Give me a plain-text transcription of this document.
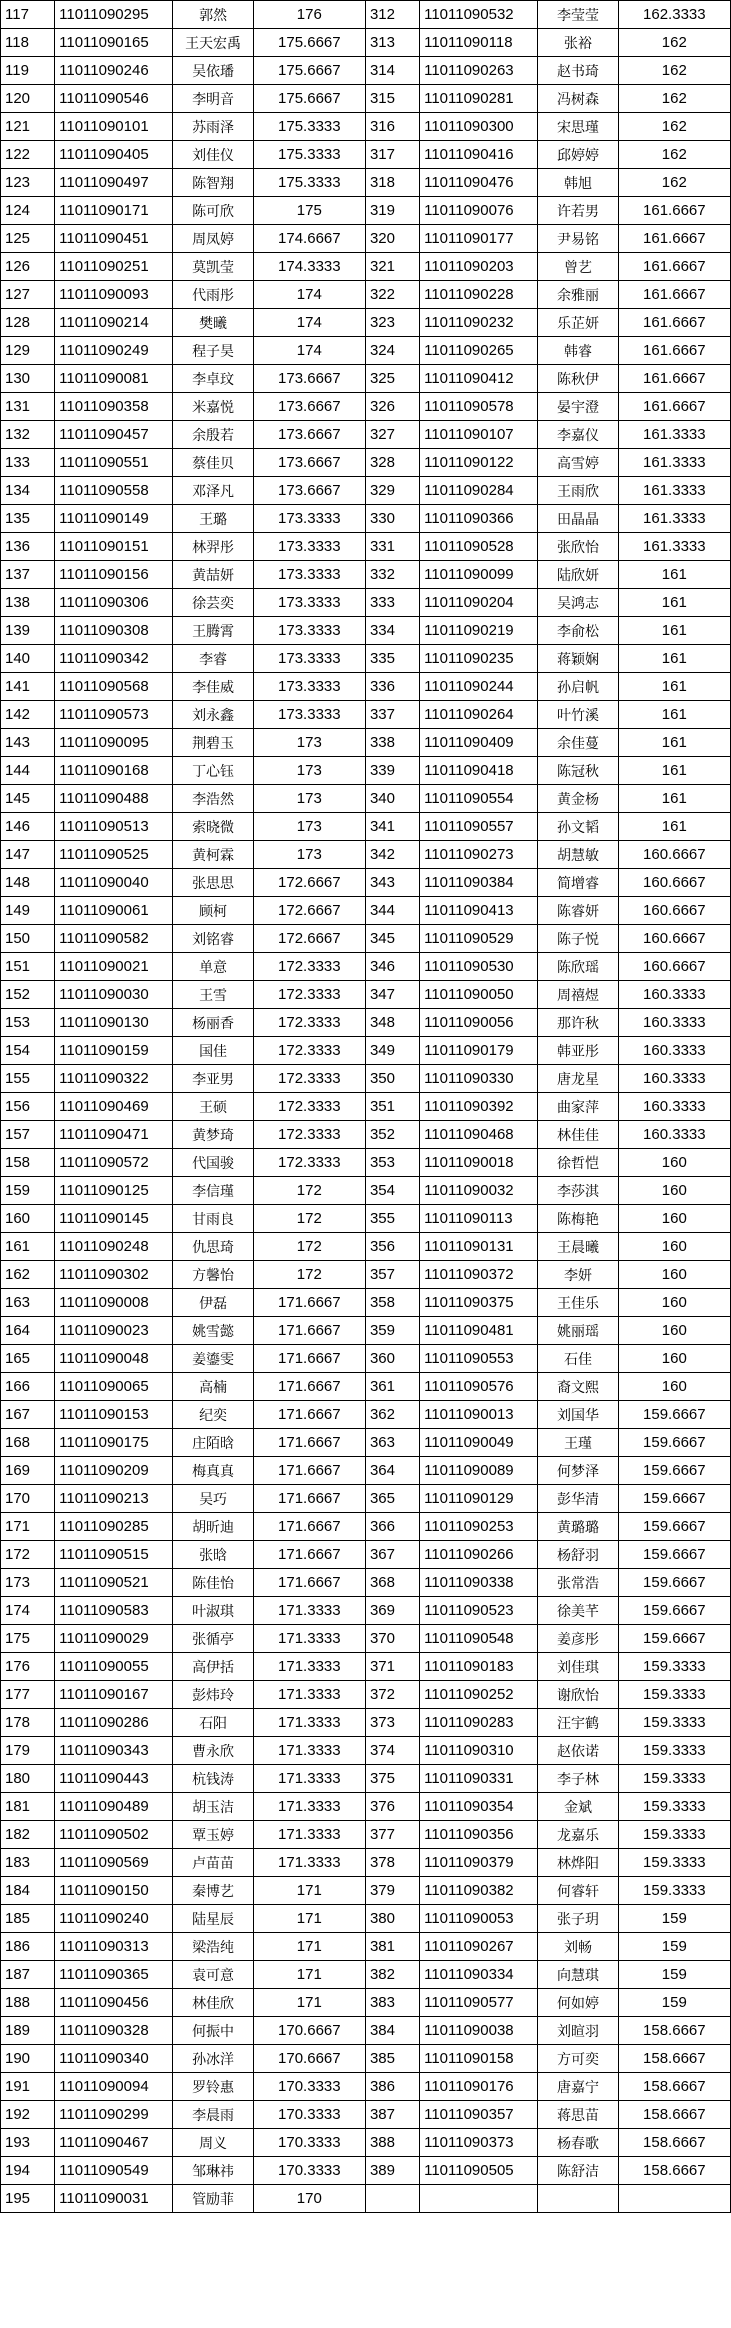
117	11011090295	郭然	176	312	11011090532	李莹莹	162.3333
118	11011090165	王天宏禹	175.6667	313	11011090118	张裕	162
119	11011090246	吴依璠	175.6667	314	11011090263	赵书琦	162
120	11011090546	李明音	175.6667	315	11011090281	冯树森	162
121	11011090101	苏雨泽	175.3333	316	11011090300	宋思瑾	162
122	11011090405	刘佳仪	175.3333	317	11011090416	邱婷婷	162
123	11011090497	陈智翔	175.3333	318	11011090476	韩旭	162
124	11011090171	陈可欣	175	319	11011090076	许若男	161.6667
125	11011090451	周凤婷	174.6667	320	11011090177	尹易铭	161.6667
126	11011090251	莫凯莹	174.3333	321	11011090203	曾艺	161.6667
127	11011090093	代雨彤	174	322	11011090228	余雅丽	161.6667
128	11011090214	樊曦	174	323	11011090232	乐芷妍	161.6667
129	11011090249	程子昊	174	324	11011090265	韩睿	161.6667
130	11011090081	李卓玟	173.6667	325	11011090412	陈秋伊	161.6667
131	11011090358	米嘉悦	173.6667	326	11011090578	晏宇澄	161.6667
132	11011090457	余殷若	173.6667	327	11011090107	李嘉仪	161.3333
133	11011090551	蔡佳贝	173.6667	328	11011090122	高雪婷	161.3333
134	11011090558	邓泽凡	173.6667	329	11011090284	王雨欣	161.3333
135	11011090149	王璐	173.3333	330	11011090366	田晶晶	161.3333
136	11011090151	林羿彤	173.3333	331	11011090528	张欣怡	161.3333
137	11011090156	黄喆妍	173.3333	332	11011090099	陆欣妍	161
138	11011090306	徐芸奕	173.3333	333	11011090204	吴鸿志	161
139	11011090308	王腾霄	173.3333	334	11011090219	李俞松	161
140	11011090342	李睿	173.3333	335	11011090235	蒋颖娴	161
141	11011090568	李佳威	173.3333	336	11011090244	孙启帆	161
142	11011090573	刘永鑫	173.3333	337	11011090264	叶竹溪	161
143	11011090095	荆碧玉	173	338	11011090409	余佳蔓	161
144	11011090168	丁心钰	173	339	11011090418	陈冠秋	161
145	11011090488	李浩然	173	340	11011090554	黄金杨	161
146	11011090513	索晓微	173	341	11011090557	孙文韬	161
147	11011090525	黄柯霖	173	342	11011090273	胡慧敏	160.6667
148	11011090040	张思思	172.6667	343	11011090384	简增睿	160.6667
149	11011090061	顾柯	172.6667	344	11011090413	陈睿妍	160.6667
150	11011090582	刘铭睿	172.6667	345	11011090529	陈子悦	160.6667
151	11011090021	单意	172.3333	346	11011090530	陈欣瑶	160.6667
152	11011090030	王雪	172.3333	347	11011090050	周禧煜	160.3333
153	11011090130	杨丽香	172.3333	348	11011090056	那许秋	160.3333
154	11011090159	国佳	172.3333	349	11011090179	韩亚彤	160.3333
155	11011090322	李亚男	172.3333	350	11011090330	唐龙星	160.3333
156	11011090469	王硕	172.3333	351	11011090392	曲家萍	160.3333
157	11011090471	黄梦琦	172.3333	352	11011090468	林佳佳	160.3333
158	11011090572	代国骏	172.3333	353	11011090018	徐哲恺	160
159	11011090125	李信瑾	172	354	11011090032	李莎淇	160
160	11011090145	甘雨良	172	355	11011090113	陈梅艳	160
161	11011090248	仇思琦	172	356	11011090131	王晨曦	160
162	11011090302	方馨怡	172	357	11011090372	李妍	160
163	11011090008	伊磊	171.6667	358	11011090375	王佳乐	160
164	11011090023	姚雪懿	171.6667	359	11011090481	姚丽瑶	160
165	11011090048	姜鎏雯	171.6667	360	11011090553	石佳	160
166	11011090065	高楠	171.6667	361	11011090576	裔文熙	160
167	11011090153	纪奕	171.6667	362	11011090013	刘国华	159.6667
168	11011090175	庄陌晗	171.6667	363	11011090049	王瑾	159.6667
169	11011090209	梅真真	171.6667	364	11011090089	何梦泽	159.6667
170	11011090213	吴巧	171.6667	365	11011090129	彭华清	159.6667
171	11011090285	胡昕迪	171.6667	366	11011090253	黄璐璐	159.6667
172	11011090515	张晗	171.6667	367	11011090266	杨舒羽	159.6667
173	11011090521	陈佳怡	171.6667	368	11011090338	张常浩	159.6667
174	11011090583	叶淑琪	171.3333	369	11011090523	徐美芊	159.6667
175	11011090029	张循亭	171.3333	370	11011090548	姜彦彤	159.6667
176	11011090055	高伊括	171.3333	371	11011090183	刘佳琪	159.3333
177	11011090167	彭炜玲	171.3333	372	11011090252	谢欣怡	159.3333
178	11011090286	石阳	171.3333	373	11011090283	汪宇鹤	159.3333
179	11011090343	曹永欣	171.3333	374	11011090310	赵依诺	159.3333
180	11011090443	杭钱涛	171.3333	375	11011090331	李子林	159.3333
181	11011090489	胡玉洁	171.3333	376	11011090354	金斌	159.3333
182	11011090502	覃玉婷	171.3333	377	11011090356	龙嘉乐	159.3333
183	11011090569	卢苗苗	171.3333	378	11011090379	林烨阳	159.3333
184	11011090150	秦博艺	171	379	11011090382	何睿轩	159.3333
185	11011090240	陆星辰	171	380	11011090053	张子玥	159
186	11011090313	梁浩纯	171	381	11011090267	刘畅	159
187	11011090365	袁可意	171	382	11011090334	向慧琪	159
188	11011090456	林佳欣	171	383	11011090577	何如婷	159
189	11011090328	何振中	170.6667	384	11011090038	刘暄羽	158.6667
190	11011090340	孙冰洋	170.6667	385	11011090158	方可奕	158.6667
191	11011090094	罗铃惠	170.3333	386	11011090176	唐嘉宁	158.6667
192	11011090299	李晨雨	170.3333	387	11011090357	蒋思苗	158.6667
193	11011090467	周义	170.3333	388	11011090373	杨春歌	158.6667
194	11011090549	邹琳祎	170.3333	389	11011090505	陈舒洁	158.6667
195	11011090031	管励菲	170				
